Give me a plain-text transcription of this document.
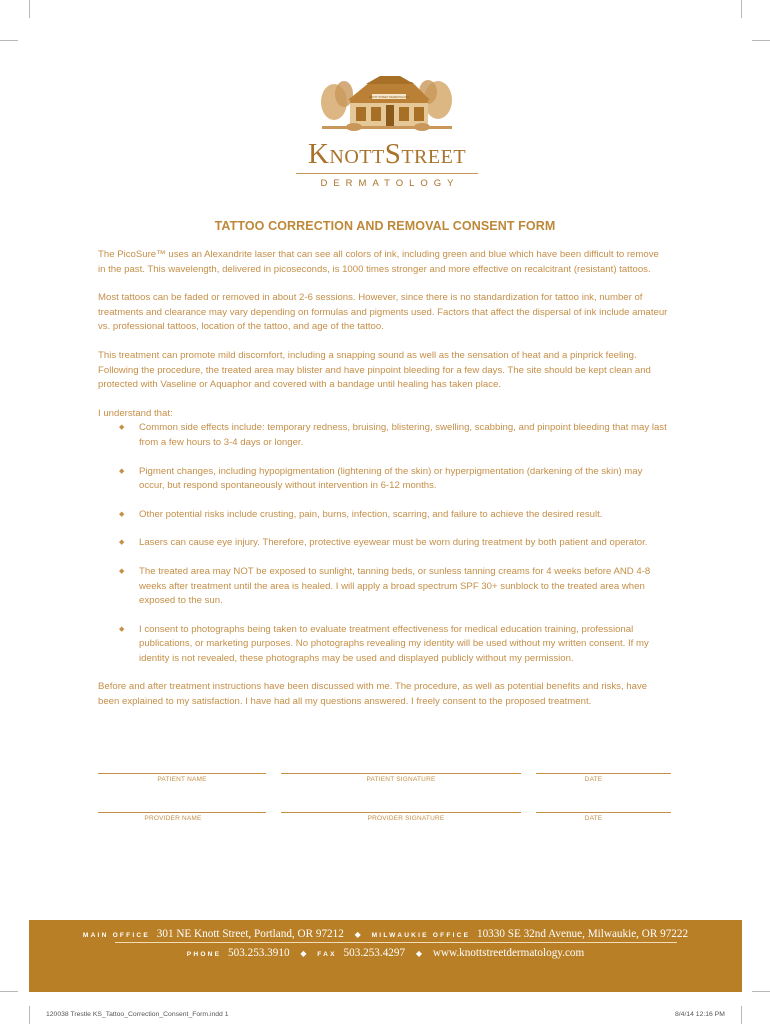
KNOTT STREET DERMATOLOGY
KnottStreet
DERMATOLOGY
TATTOO CORRECTION AND REMOVAL CONSENT FORM

The PicoSure™ uses an Alexandrite laser that can see all colors of ink, including green and blue which have been difficult to remove in the past. This wavelength, delivered in picoseconds, is 1000 times stronger and more effective on recalcitrant (resistant) tattoos.

Most tattoos can be faded or removed in about 2-6 sessions. However, since there is no standardization for tattoo ink, number of treatments and clearance may vary depending on formulas and pigments used. Factors that affect the dispersal of ink include amateur vs. professional tattoos, location of the tattoo, and age of the tattoo.

This treatment can promote mild discomfort, including a snapping sound as well as the sensation of heat and a pinprick feeling. Following the procedure, the treated area may blister and have pinpoint bleeding for a few days. The site should be kept clean and protected with Vaseline or Aquaphor and covered with a bandage until healing has taken place.

I understand that:

◆ Common side effects include: temporary redness, bruising, blistering, swelling, scabbing, and pinpoint bleeding that may last from a few hours to 3-4 days or longer.
◆ Pigment changes, including hypopigmentation (lightening of the skin) or hyperpigmentation (darkening of the skin) may occur, but respond spontaneously without intervention in 6-12 months.
◆ Other potential risks include crusting, pain, burns, infection, scarring, and failure to achieve the desired result.
◆ Lasers can cause eye injury. Therefore, protective eyewear must be worn during treatment by both patient and operator.
◆ The treated area may NOT be exposed to sunlight, tanning beds, or sunless tanning creams for 4 weeks before AND 4-8 weeks after treatment until the area is healed. I will apply a broad spectrum SPF 30+ sunblock to the treated area when exposed to the sun.
◆ I consent to photographs being taken to evaluate treatment effectiveness for medical education training, professional publications, or marketing purposes. No photographs revealing my identity will be used without my written consent. If my identity is not revealed, these photographs may be used and displayed publicly without my permission.

Before and after treatment instructions have been discussed with me. The procedure, as well as potential benefits and risks, have been explained to my satisfaction. I have had all my questions answered. I freely consent to the proposed treatment.

PATIENT NAME	PATIENT SIGNATURE	DATE
PROVIDER NAME	PROVIDER SIGNATURE	DATE
MAIN OFFICE 301 NE Knott Street, Portland, OR 97212 ◆ MILWAUKIE OFFICE 10330 SE 32nd Avenue, Milwaukie, OR 97222
PHONE 503.253.3910 ◆ FAX 503.253.4297 ◆ www.knottstreetdermatology.com
120038 Trestle KS_Tattoo_Correction_Consent_Form.indd 1	8/4/14 12:16 PM
